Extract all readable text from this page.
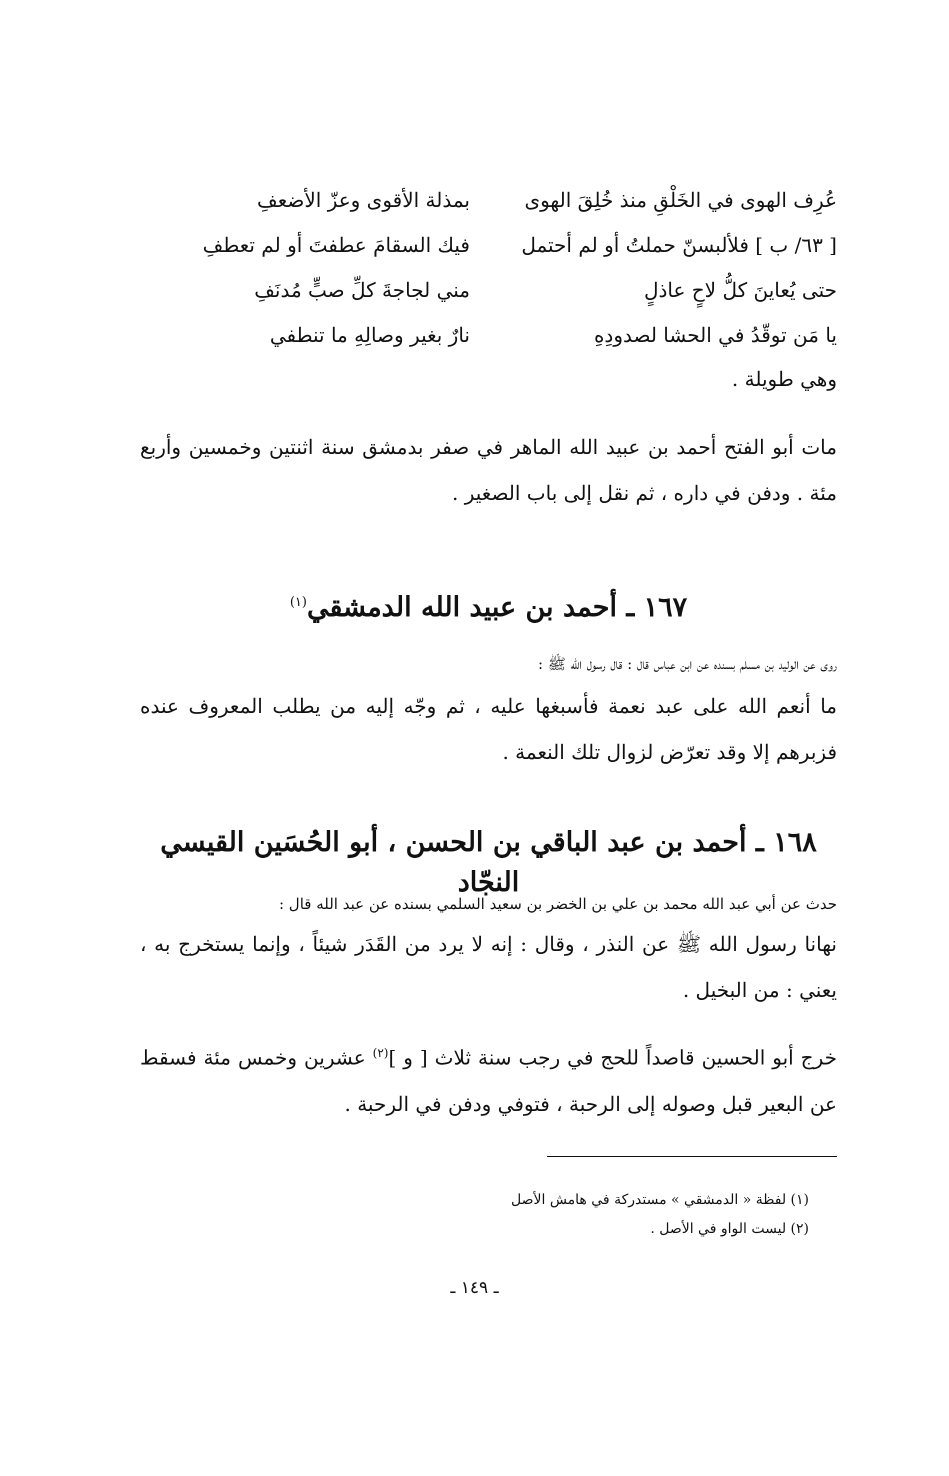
عُرِف الهوى في الخَلْقِ منذ خُلِقَ الهوى
بمذلة الأقوى وعزّ الأضعفِ
[ ٦٣/ ب ] فلألبسنّ حملتُ أو لم أحتمل
فيك السقامَ عطفتَ أو لم تعطفِ
حتى يُعاينَ كلُّ لاحٍ عاذلٍ
مني لجاجةَ كلِّ صبٍّ مُدنَفِ
يا مَن توقّدُ في الحشا لصدودِهِ
نارٌ بغير وصالِهِ ما تنطفي
وهي طويلة .
مات أبو الفتح أحمد بن عبيد الله الماهر في صفر بدمشق سنة اثنتين وخمسين وأربع مئة . ودفن في داره ، ثم نقل إلى باب الصغير .
١٦٧ ـ أحمد بن عبيد الله الدمشقي$^{(١)}$
روى عن الوليد بن مسلم بسنده عن ابن عباس قال : قال رسول الله ﷺ :
ما أنعم الله على عبد نعمة فأسبغها عليه ، ثم وجّه إليه من يطلب المعروف عنده فزبرهم إلا وقد تعرّض لزوال تلك النعمة .
١٦٨ ـ أحمد بن عبد الباقي بن الحسن ، أبو الحُسَين القيسي النجّاد
حدث عن أبي عبد الله محمد بن علي بن الخضر بن سعيد السلمي بسنده عن عبد الله قال :
نهانا رسول الله ﷺ عن النذر ، وقال : إنه لا يرد من القَدَر شيئاً ، وإنما يستخرج به ، يعني : من البخيل .
خرج أبو الحسين قاصداً للحج في رجب سنة ثلاث [ و ]$^{(٢)}$ عشرين وخمس مئة فسقط عن البعير قبل وصوله إلى الرحبة ، فتوفي ودفن في الرحبة .
(١) لفظة « الدمشقي » مستدركة في هامش الأصل
(٢) ليست الواو في الأصل .
ـ ١٤٩ ـ
